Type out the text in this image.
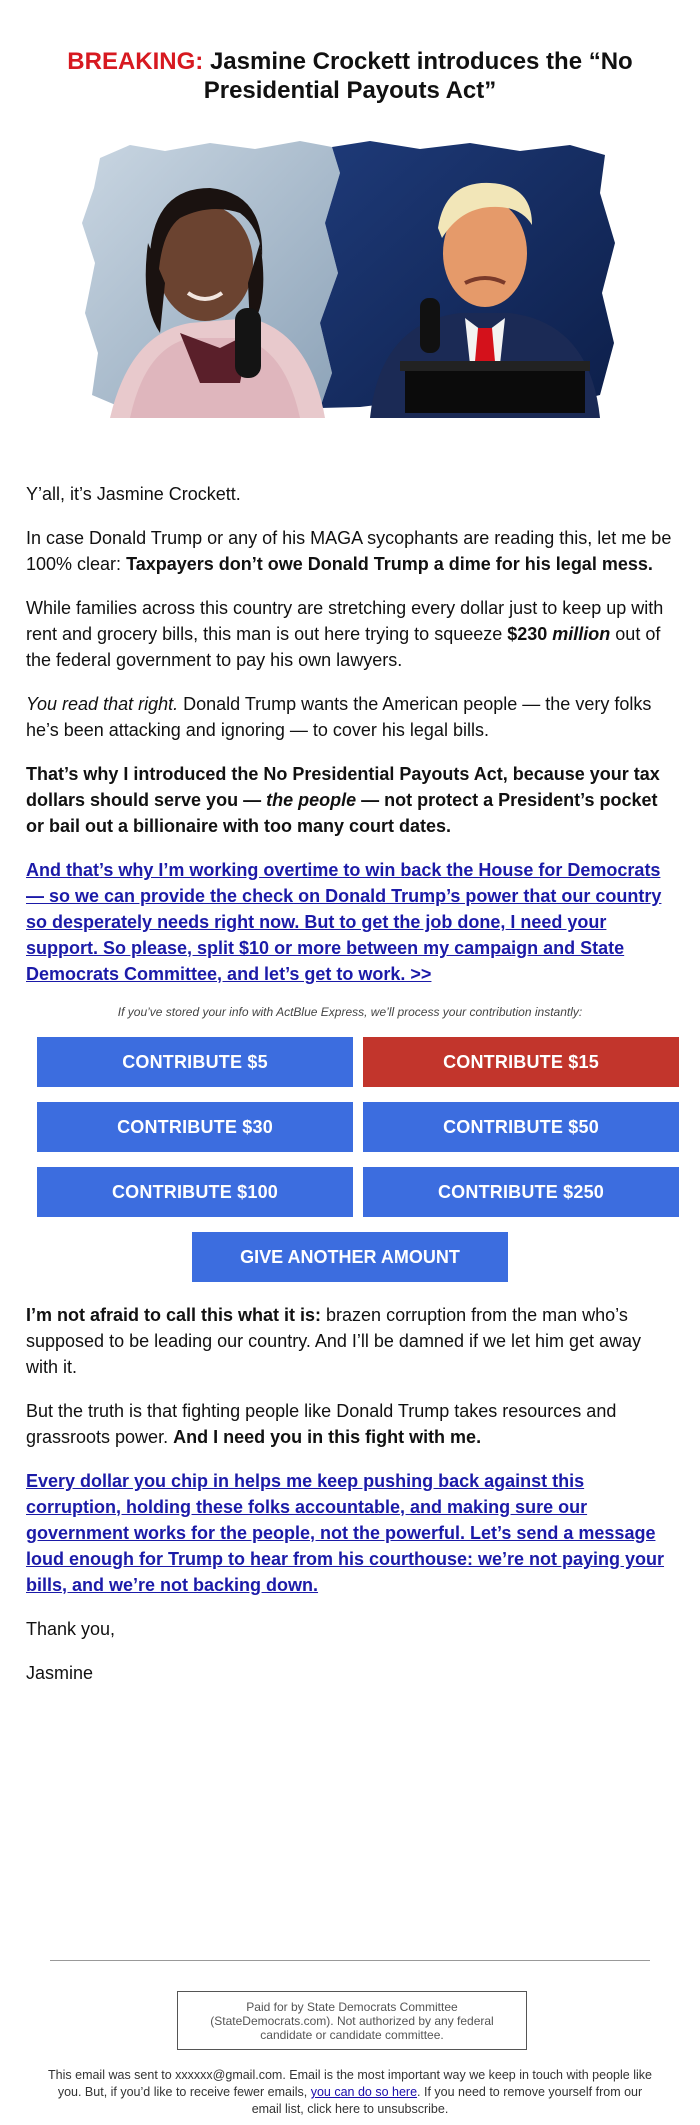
BREAKING: Jasmine Crockett introduces the “No Presidential Payouts Act”

Y’all, it’s Jasmine Crockett.

In case Donald Trump or any of his MAGA sycophants are reading this, let me be 100% clear: Taxpayers don’t owe Donald Trump a dime for his legal mess.

While families across this country are stretching every dollar just to keep up with rent and grocery bills, this man is out here trying to squeeze $230 million out of the federal government to pay his own lawyers.

You read that right. Donald Trump wants the American people — the very folks he’s been attacking and ignoring — to cover his legal bills.

That’s why I introduced the No Presidential Payouts Act, because your tax dollars should serve you — the people — not protect a President’s pocket or bail out a billionaire with too many court dates.

And that’s why I’m working overtime to win back the House for Democrats — so we can provide the check on Donald Trump’s power that our country so desperately needs right now. But to get the job done, I need your support. So please, split $10 or more between my campaign and State Democrats Committee, and let’s get to work. >>

If you’ve stored your info with ActBlue Express, we’ll process your contribution instantly:
CONTRIBUTE $5	CONTRIBUTE $15
CONTRIBUTE $30	CONTRIBUTE $50
CONTRIBUTE $100	CONTRIBUTE $250
GIVE ANOTHER AMOUNT

I’m not afraid to call this what it is: brazen corruption from the man who’s supposed to be leading our country. And I’ll be damned if we let him get away with it.

But the truth is that fighting people like Donald Trump takes resources and grassroots power. And I need you in this fight with me.

Every dollar you chip in helps me keep pushing back against this corruption, holding these folks accountable, and making sure our government works for the people, not the powerful. Let’s send a message loud enough for Trump to hear from his courthouse: we’re not paying your bills, and we’re not backing down.

Thank you,

Jasmine

Paid for by State Democrats Committee
(StateDemocrats.com). Not authorized by any federal
candidate or candidate committee.
This email was sent to xxxxxx@gmail.com. Email is the most important way we keep in touch with people like you. But, if you’d like to receive fewer emails, you can do so here. If you need to remove yourself from our email list, click here to unsubscribe.
